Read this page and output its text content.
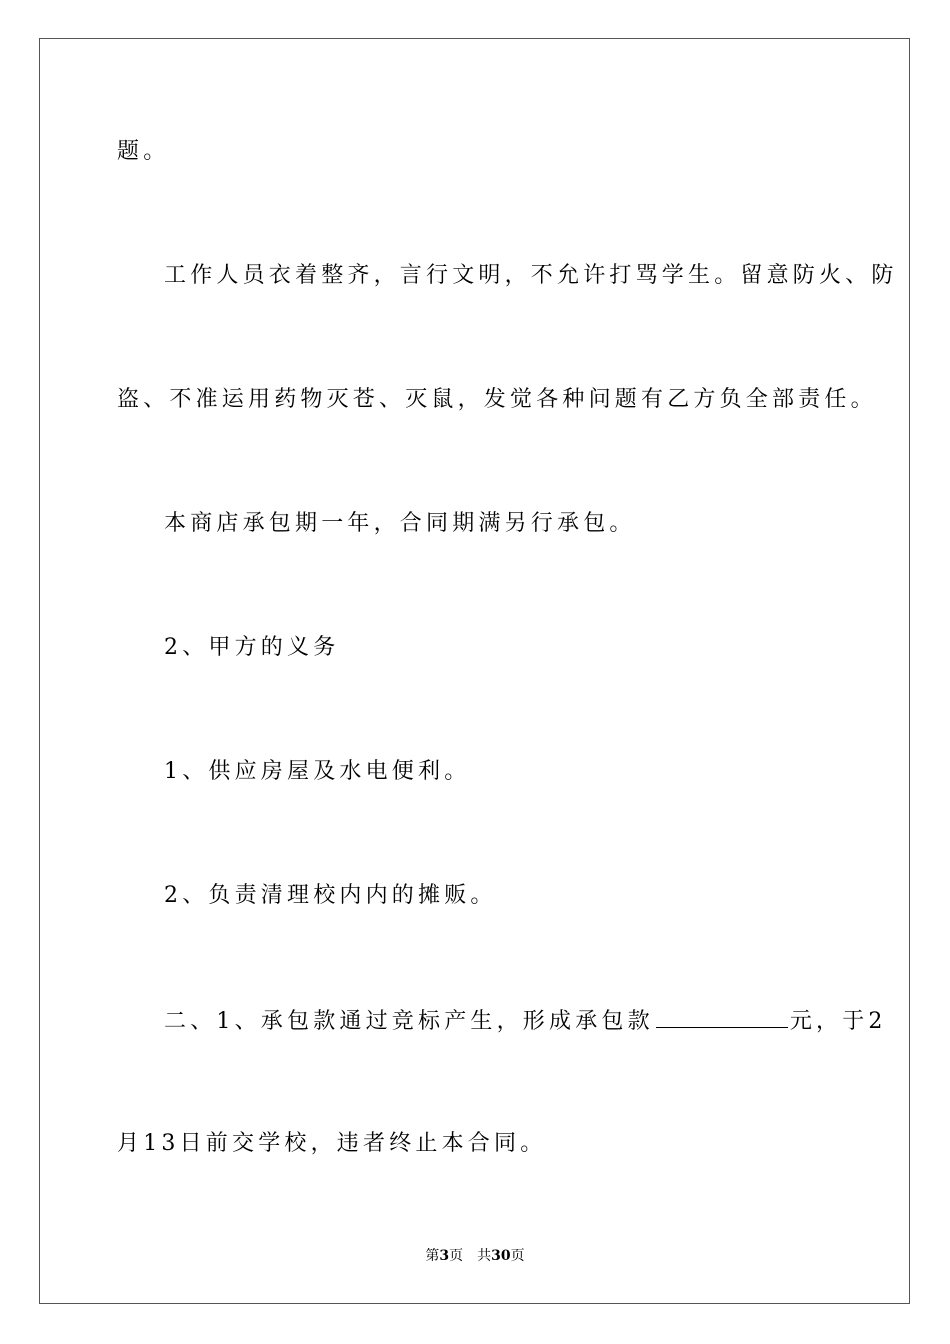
题。
工作人员衣着整齐，言行文明，不允许打骂学生。留意防火、防
盗、不准运用药物灭苍、灭鼠，发觉各种问题有乙方负全部责任。
本商店承包期一年，合同期满另行承包。
2、甲方的义务
1、供应房屋及水电便利。
2、负责清理校内内的摊贩。
二、1、承包款通过竞标产生，形成承包款	元，于2
月13日前交学校，违者终止本合同。
第3页 共30页
